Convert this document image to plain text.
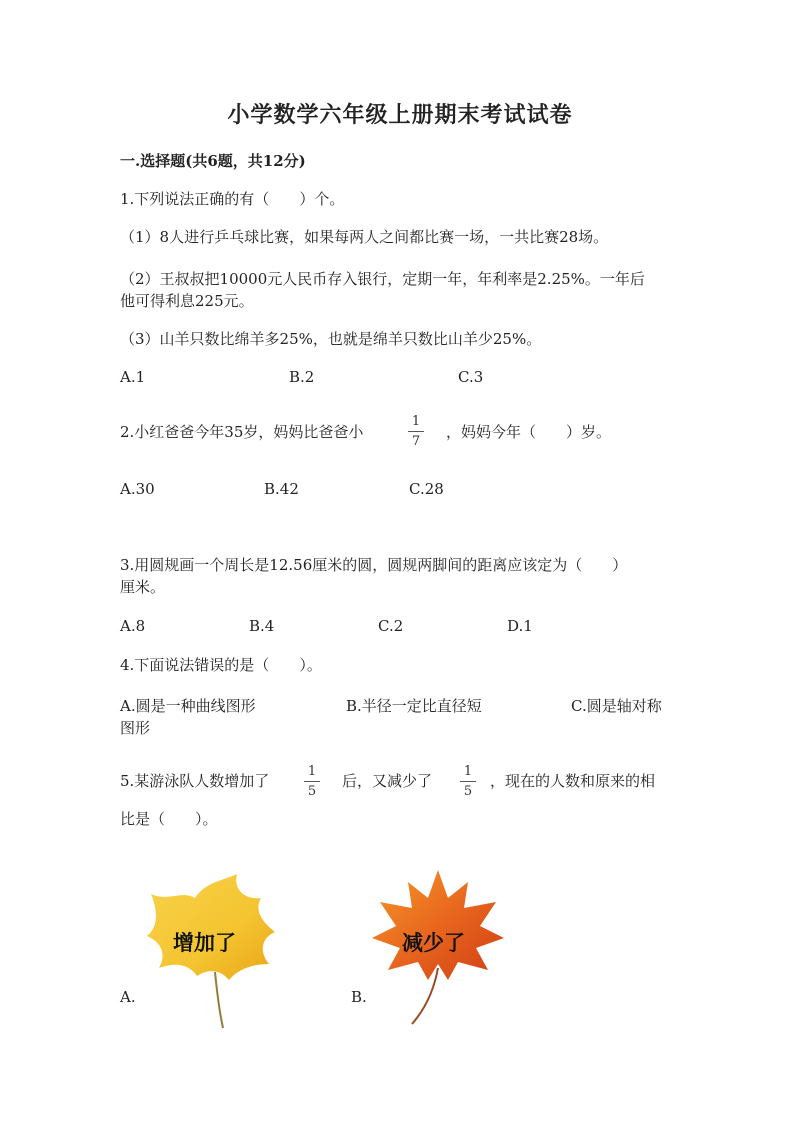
小学数学六年级上册期末考试试卷
一.选择题(共6题，共12分)
1.下列说法正确的有（　　）个。
（1）8人进行乒乓球比赛，如果每两人之间都比赛一场，一共比赛28场。
（2）王叔叔把10000元人民币存入银行，定期一年，年利率是2.25%。一年后
他可得利息225元。
（3）山羊只数比绵羊多25%，也就是绵羊只数比山羊少25%。
A.1	B.2	C.3
2.小红爸爸今年35岁，妈妈比爸爸小
1
7
，妈妈今年（　　）岁。
A.30	B.42	C.28
3.用圆规画一个周长是12.56厘米的圆，圆规两脚间的距离应该定为（　　）
厘米。
A.8	B.4	C.2	D.1
4.下面说法错误的是（　　）。
A.圆是一种曲线图形	B.半径一定比直径短	C.圆是轴对称
图形
5.某游泳队人数增加了
1
5
后，又减少了
1
5
，现在的人数和原来的相
比是（　　）。
A.	B.
增加了	减少了
